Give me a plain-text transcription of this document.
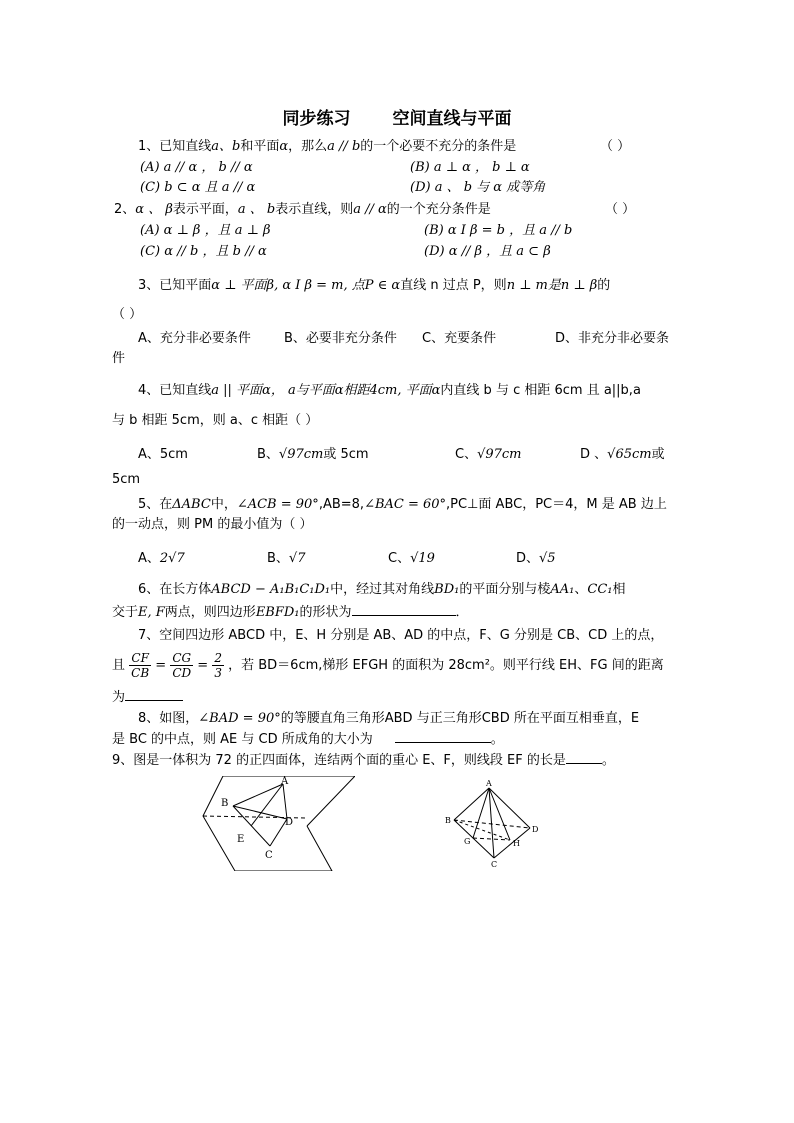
同步练习 空间直线与平面
1、已知直线a、b和平面α，那么a // b的一个必要不充分的条件是	（ ）
(A) a // α ， b // α	(B) a ⊥ α ， b ⊥ α
(C) b ⊂ α 且 a // α	(D) a 、 b 与 α 成等角
2、α 、 β表示平面，a 、 b表示直线，则a // α的一个充分条件是	（ ）
(A) α ⊥ β ，且 a ⊥ β	(B) α I β = b ，且 a // b
(C) α // b ，且 b // α	(D) α // β ，且 a ⊂ β
3、已知平面α ⊥ 平面β, α I β = m, 点P ∈ α直线 n 过点 P，则n ⊥ m是n ⊥ β的
（ ）
A、充分非必要条件	B、必要非充分条件 C、充要条件	D、非充分非必要条
件
4、已知直线a || 平面α， a与平面α相距4cm, 平面α内直线 b 与 c 相距 6cm 且 a||b,a
与 b 相距 5cm，则 a、c 相距（ ）
A、5cm	B、√97cm或 5cm	C、√97cm	D 、√65cm或
5cm
5、在ΔABC中，∠ACB = 90°,AB=8,∠BAC = 60°,PC⊥面 ABC，PC＝4，M 是 AB 边上
的一动点，则 PM 的最小值为（ ）
A、2√7	B、√7	C、√19	D、√5
6、在长方体ABCD − A₁B₁C₁D₁中，经过其对角线BD₁的平面分别与棱AA₁、CC₁相
交于E, F两点，则四边形EBFD₁的形状为	．
7、空间四边形 ABCD 中，E、H 分别是 AB、AD 的中点，F、G 分别是 CB、CD 上的点，
且 $\frac{CF}{CB} = \frac{CG}{CD} = \frac{2}{3}$ ，若 BD＝6cm,梯形 EFGH 的面积为 28cm²。则平行线 EH、FG 间的距离
为
8、如图，∠BAD = 90°的等腰直角三角形ABD 与正三角形CBD 所在平面互相垂直，E
是 BC 的中点，则 AE 与 CD 所成角的大小为	。
9、图是一体积为 72 的正四面体，连结两个面的重心 E、F，则线段 EF 的长是	。
A
B
D
E
C
A
B
D
G	H
C
